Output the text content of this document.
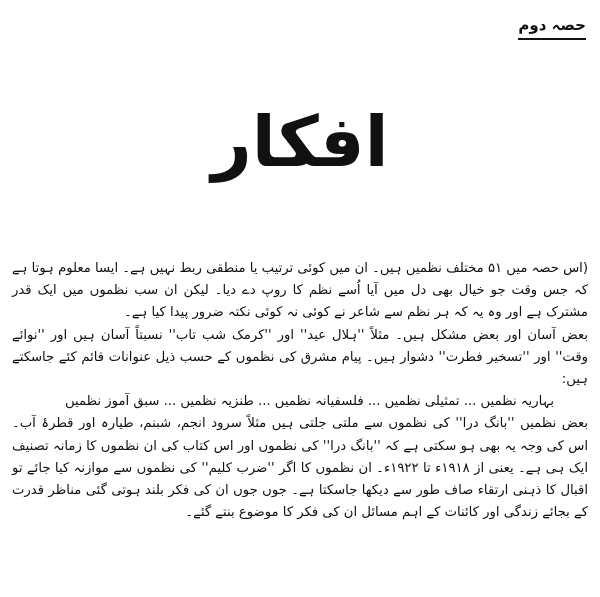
حصہ دوم
افکار

(اس حصہ میں ۵۱ مختلف نظمیں ہیں۔ ان میں کوئی ترتیب یا منطقی ربط نہیں ہے۔ ایسا معلوم ہوتا ہے کہ جس وقت جو خیال بھی دل میں آیا اُسے نظم کا روپ دے دیا۔ لیکن ان سب نظموں میں ایک قدر مشترک ہے اور وہ یہ کہ ہر نظم سے شاعر نے کوئی نہ کوئی نکتہ ضرور پیدا کیا ہے۔

بعض آسان اور بعض مشکل ہیں۔ مثلاً ''ہلال عید'' اور ''کرمک شب تاب'' نسبتاً آسان ہیں اور ''نوائے وقت'' اور ''تسخیر فطرت'' دشوار ہیں۔ پیام مشرق کی نظموں کے حسب ذیل عنوانات قائم کئے جاسکتے ہیں:

بہاریہ نظمیں ... تمثیلی نظمیں ... فلسفیانہ نظمیں ... طنزیہ نظمیں ... سبق آموز نظمیں

بعض نظمیں ''بانگ درا'' کی نظموں سے ملتی جلتی ہیں مثلاً سرود انجم، شبنم، طیارہ اور قطرۂ آب۔ اس کی وجہ یہ بھی ہو سکتی ہے کہ ''بانگ درا'' کی نظموں اور اس کتاب کی ان نظموں کا زمانہ تصنیف ایک ہی ہے۔ یعنی از ۱۹۱۸ء تا ۱۹۲۲ء۔ ان نظموں کا اگر ''ضرب کلیم'' کی نظموں سے موازنہ کیا جائے تو اقبال کا ذہنی ارتقاء صاف طور سے دیکھا جاسکتا ہے۔ جوں جوں ان کی فکر بلند ہوتی گئی مناظر قدرت کے بجائے زندگی اور کائنات کے اہم مسائل ان کی فکر کا موضوع بنتے گئے۔
